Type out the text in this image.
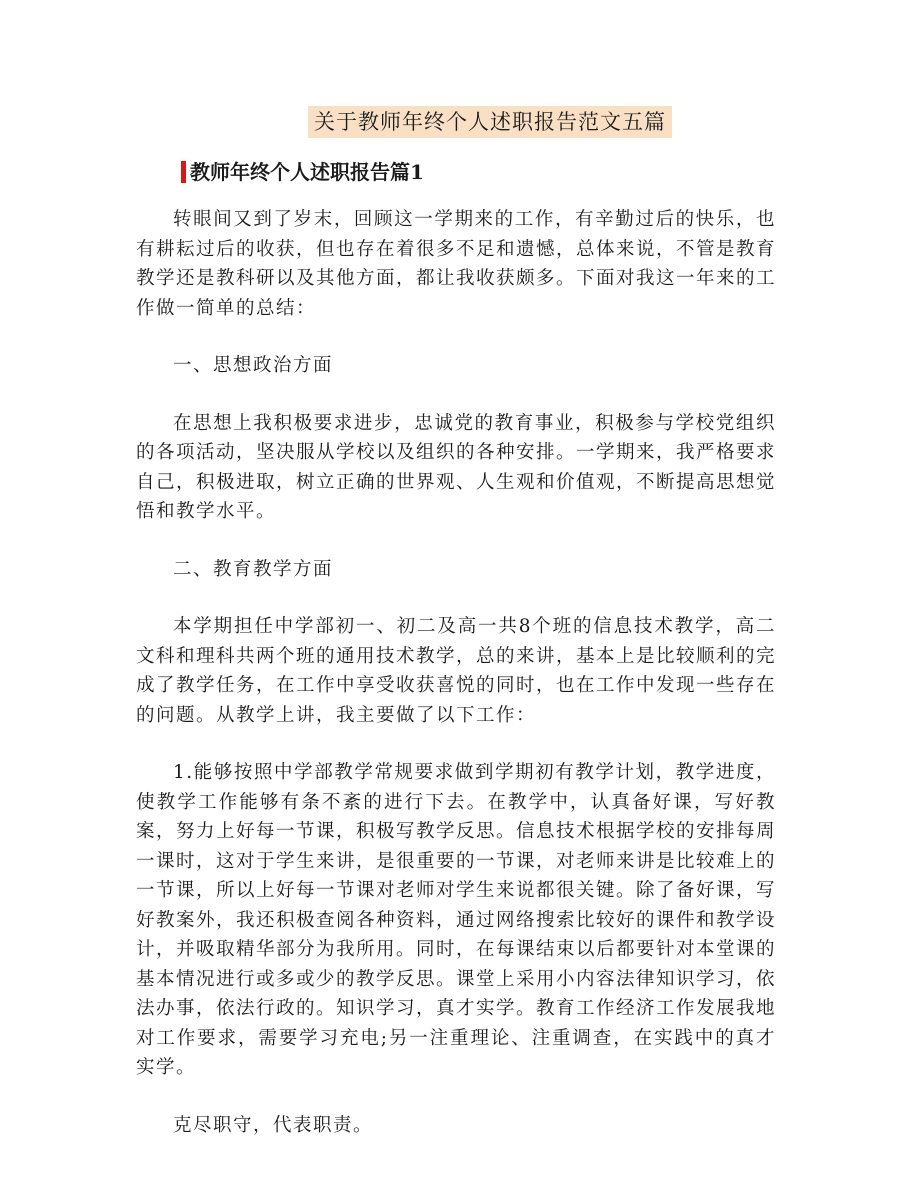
关于教师年终个人述职报告范文五篇
教师年终个人述职报告篇1

转眼间又到了岁末，回顾这一学期来的工作，有辛勤过后的快乐，也有耕耘过后的收获，但也存在着很多不足和遗憾，总体来说，不管是教育教学还是教科研以及其他方面，都让我收获颇多。下面对我这一年来的工作做一简单的总结：

一、思想政治方面

在思想上我积极要求进步，忠诚党的教育事业，积极参与学校党组织的各项活动，坚决服从学校以及组织的各种安排。一学期来，我严格要求自己，积极进取，树立正确的世界观、人生观和价值观，不断提高思想觉悟和教学水平。

二、教育教学方面

本学期担任中学部初一、初二及高一共8个班的信息技术教学，高二文科和理科共两个班的通用技术教学，总的来讲，基本上是比较顺利的完成了教学任务，在工作中享受收获喜悦的同时，也在工作中发现一些存在的问题。从教学上讲，我主要做了以下工作：

1.能够按照中学部教学常规要求做到学期初有教学计划，教学进度，使教学工作能够有条不紊的进行下去。在教学中，认真备好课，写好教案，努力上好每一节课，积极写教学反思。信息技术根据学校的安排每周一课时，这对于学生来讲，是很重要的一节课，对老师来讲是比较难上的一节课，所以上好每一节课对老师对学生来说都很关键。除了备好课，写好教案外，我还积极查阅各种资料，通过网络搜索比较好的课件和教学设计，并吸取精华部分为我所用。同时，在每课结束以后都要针对本堂课的基本情况进行或多或少的教学反思。课堂上采用小内容法律知识学习，依法办事，依法行政的。知识学习，真才实学。教育工作经济工作发展我地对工作要求，需要学习充电;另一注重理论、注重调查，在实践中的真才实学。

克尽职守，代表职责。
